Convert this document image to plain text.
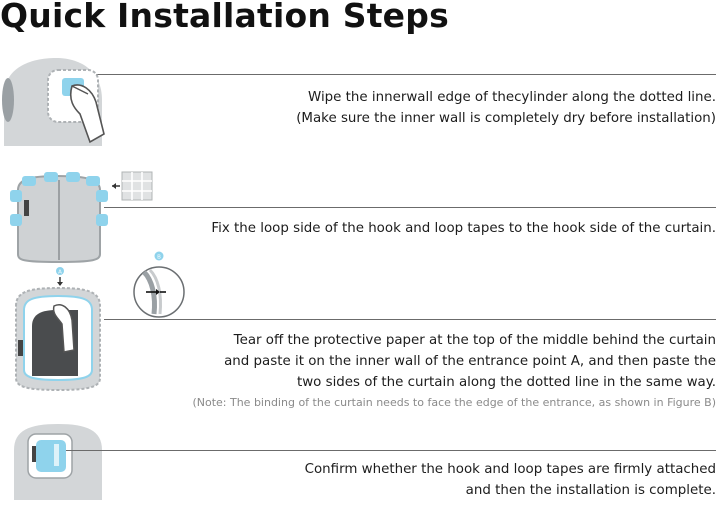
Quick Installation Steps
Wipe the innerwall edge of thecylinder along the dotted line.
(Make sure the inner wall is completely dry before installation)
Fix the loop side of the hook and loop tapes to the hook side of the curtain.
A
B
Tear off the protective paper at the top of the middle behind the curtain
and paste it on the inner wall of the entrance point A, and then paste the
two sides of the curtain along the dotted line in the same way.
(Note: The binding of the curtain needs to face the edge of the entrance, as shown in Figure B)
Confirm whether the hook and loop tapes are firmly attached
and then the installation is complete.
